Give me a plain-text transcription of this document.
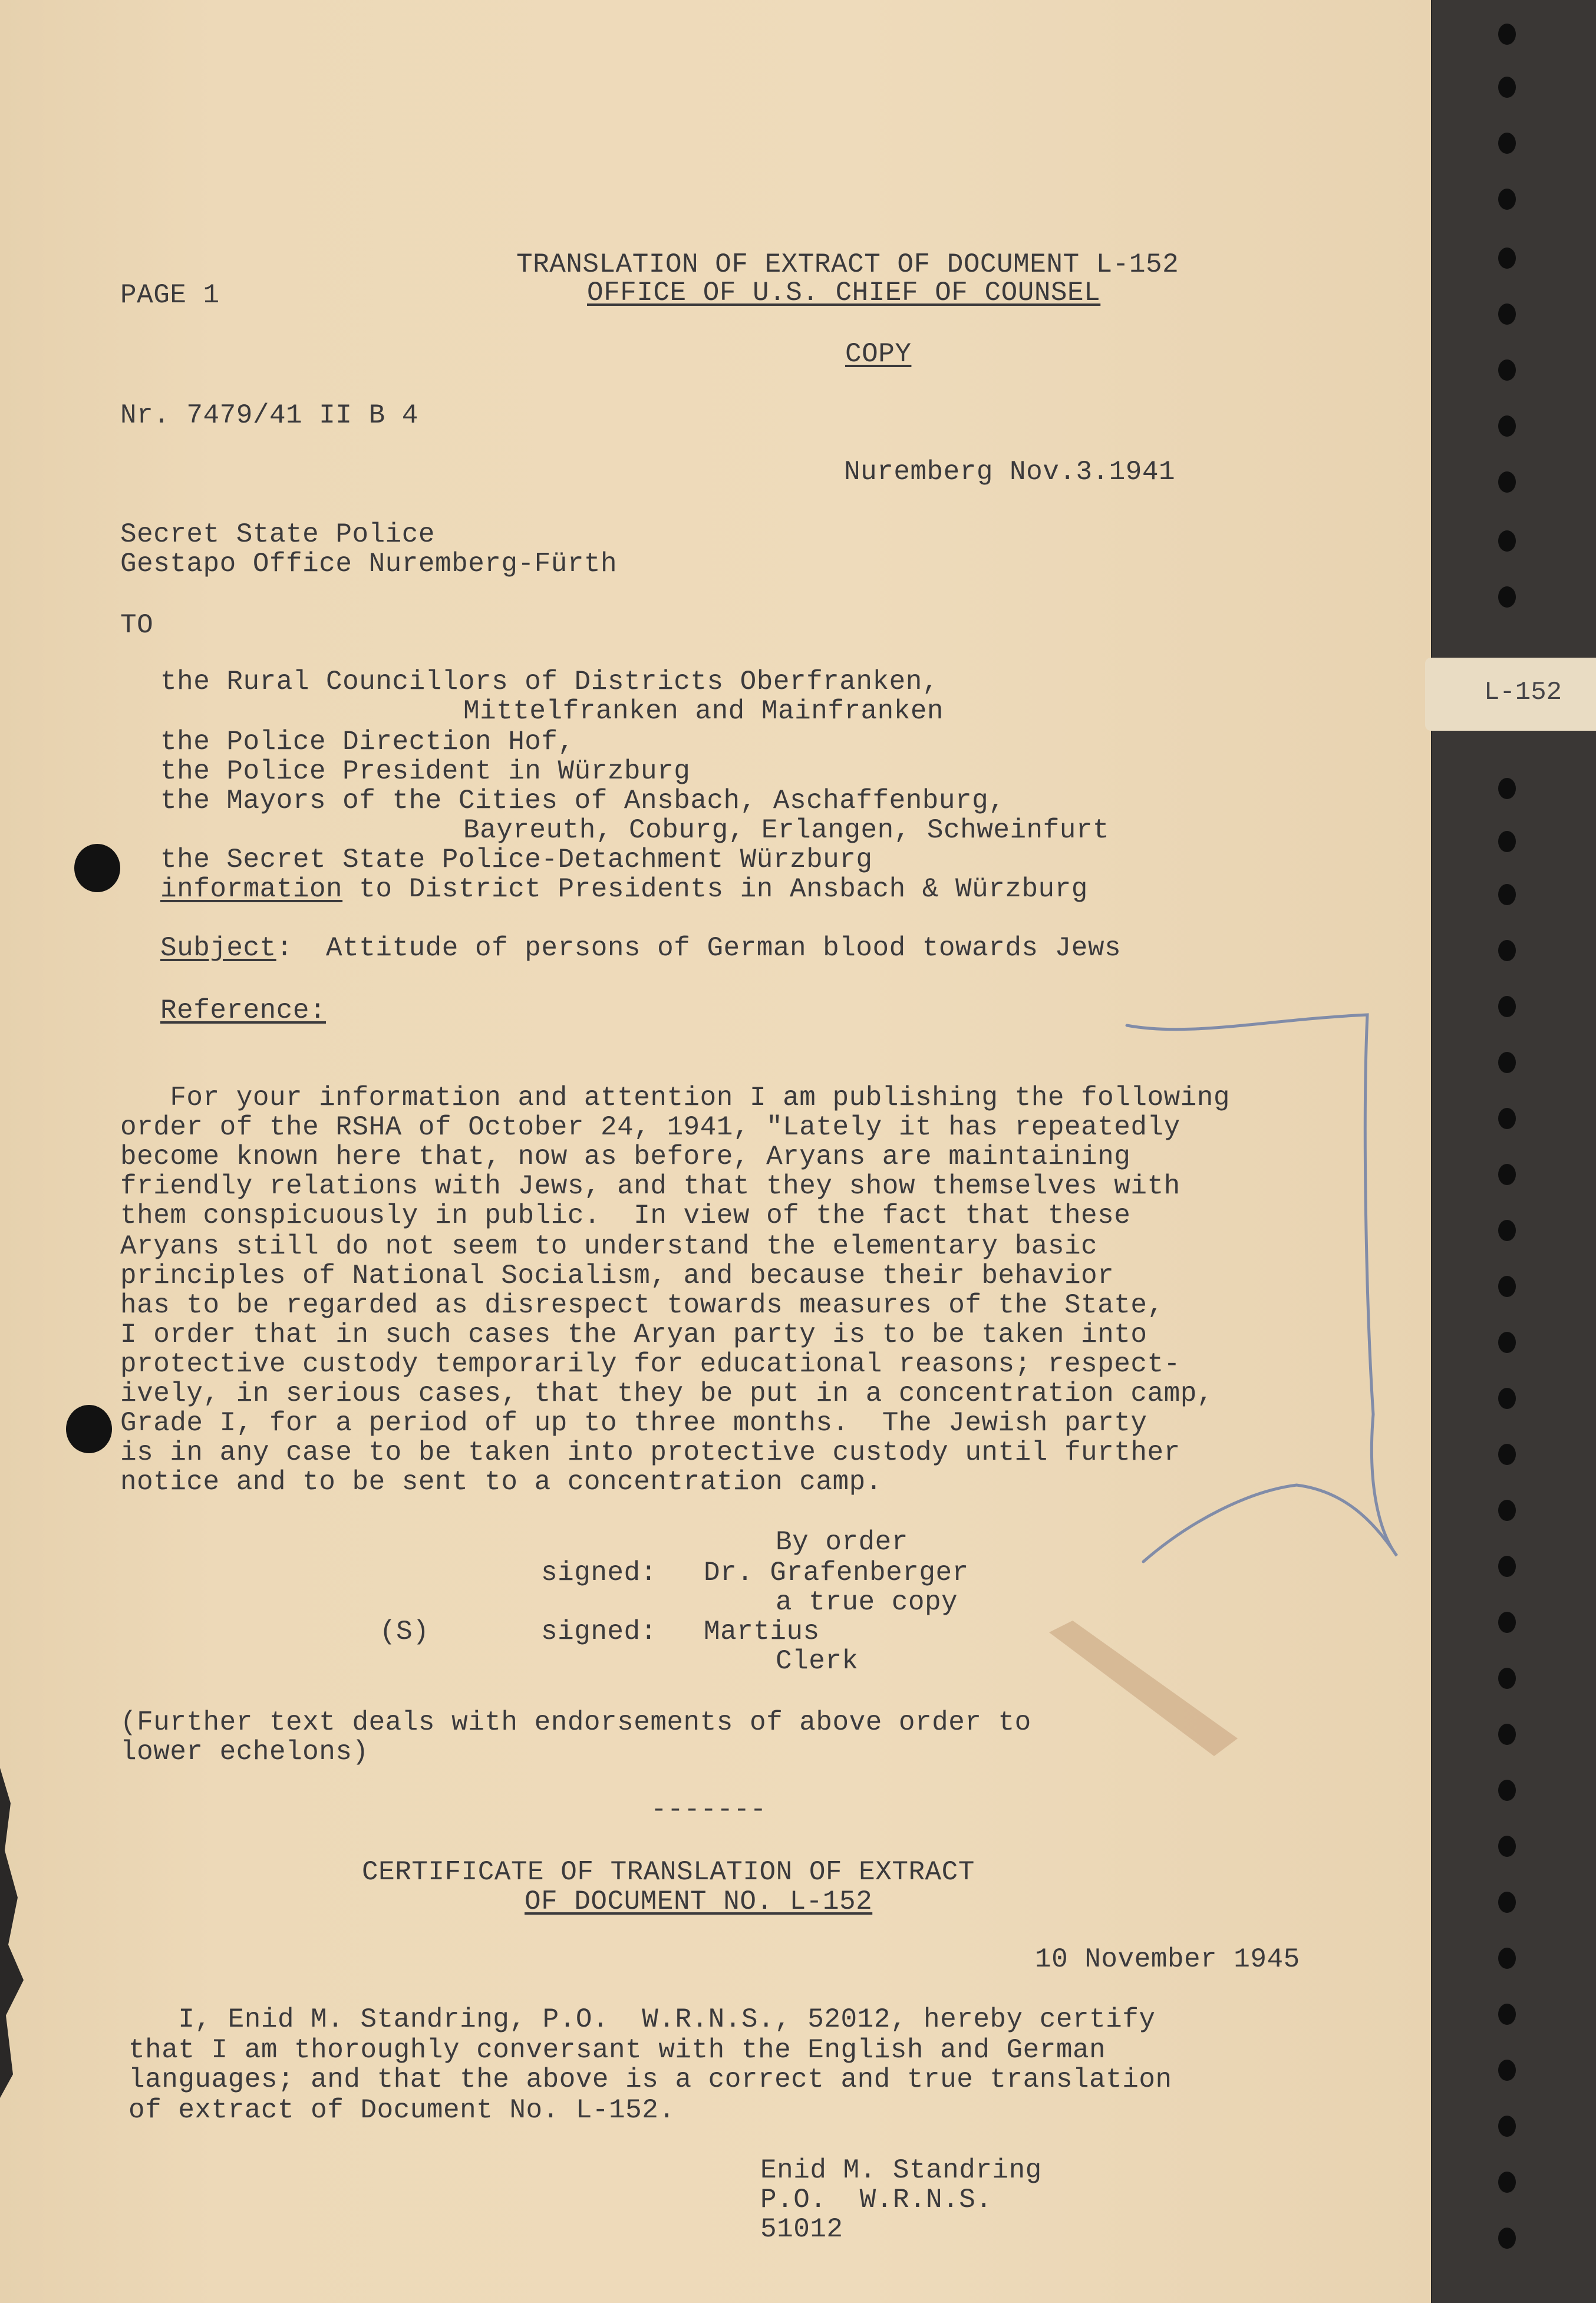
PAGE 1
TRANSLATION OF EXTRACT OF DOCUMENT L-152
OFFICE OF U.S. CHIEF OF COUNSEL
COPY
Nr. 7479/41 II B 4
Nuremberg Nov.3.1941
Secret State Police
Gestapo Office Nuremberg-Fürth
TO
the Rural Councillors of Districts Oberfranken,
Mittelfranken and Mainfranken
the Police Direction Hof,
the Police President in Würzburg
the Mayors of the Cities of Ansbach, Aschaffenburg,
Bayreuth, Coburg, Erlangen, Schweinfurt
the Secret State Police-Detachment Würzburg
information to District Presidents in Ansbach & Würzburg
Subject:  Attitude of persons of German blood towards Jews
Reference:
For your information and attention I am publishing the following
order of the RSHA of October 24, 1941, "Lately it has repeatedly
become known here that, now as before, Aryans are maintaining
friendly relations with Jews, and that they show themselves with
them conspicuously in public.  In view of the fact that these
Aryans still do not seem to understand the elementary basic
principles of National Socialism, and because their behavior
has to be regarded as disrespect towards measures of the State,
I order that in such cases the Aryan party is to be taken into
protective custody temporarily for educational reasons; respect-
ively, in serious cases, that they be put in a concentration camp,
Grade I, for a period of up to three months.  The Jewish party
is in any case to be taken into protective custody until further
notice and to be sent to a concentration camp.
By order
signed: Dr. Grafenberger
a true copy
(S)	signed: Martius
Clerk
(Further text deals with endorsements of above order to
lower echelons)
-------
CERTIFICATE OF TRANSLATION OF EXTRACT
OF DOCUMENT NO. L-152
10 November 1945
I, Enid M. Standring, P.O.  W.R.N.S., 52012, hereby certify
that I am thoroughly conversant with the English and German
languages; and that the above is a correct and true translation
of extract of Document No. L-152.
Enid M. Standring
P.O.  W.R.N.S.
51012
L-152
